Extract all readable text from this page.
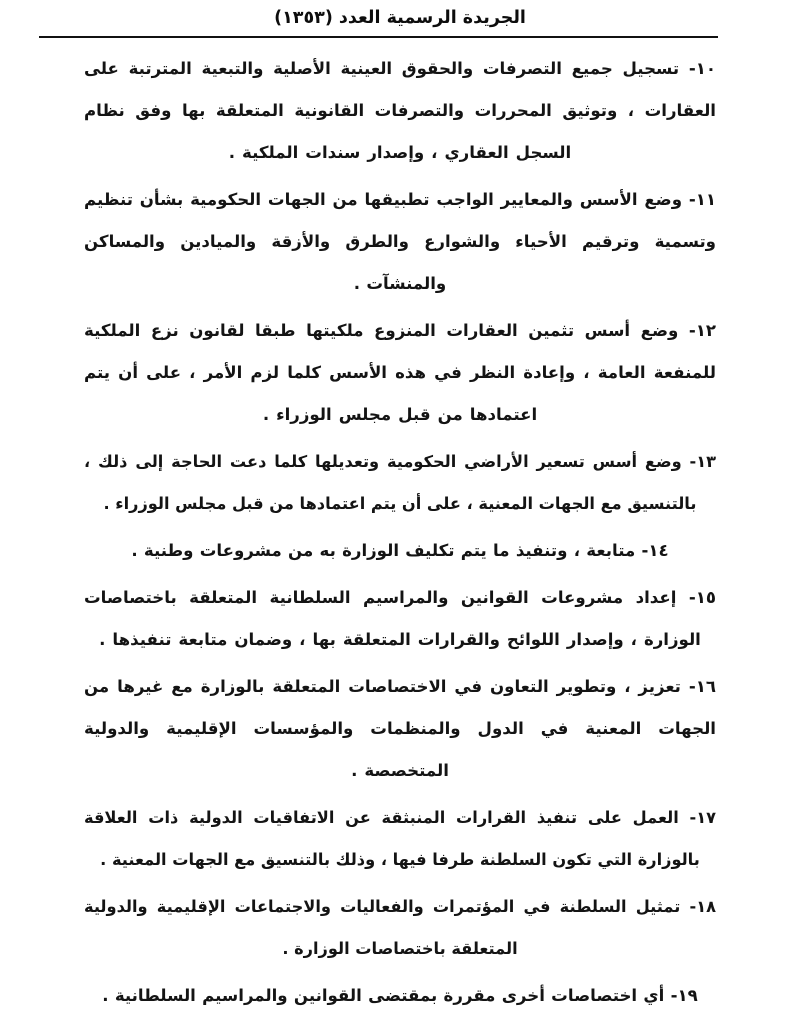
الجريدة الرسمية العدد (١٣٥٣)

١٠- تسجيل جميع التصرفات والحقوق العينية الأصلية والتبعية المترتبة على العقارات ، وتوثيق المحررات والتصرفات القانونية المتعلقة بها وفق نظام السجل العقاري ، وإصدار سندات الملكية .

١١- وضع الأسس والمعايير الواجب تطبيقها من الجهات الحكومية بشأن تنظيم وتسمية وترقيم الأحياء والشوارع والطرق والأزقة والميادين والمساكن والمنشآت .

١٢- وضع أسس تثمين العقارات المنزوع ملكيتها طبقا لقانون نزع الملكية للمنفعة العامة ، وإعادة النظر في هذه الأسس كلما لزم الأمر ، على أن يتم اعتمادها من قبل مجلس الوزراء .

١٣- وضع أسس تسعير الأراضي الحكومية وتعديلها كلما دعت الحاجة إلى ذلك ، بالتنسيق مع الجهات المعنية ، على أن يتم اعتمادها من قبل مجلس الوزراء .

١٤- متابعة ، وتنفيذ ما يتم تكليف الوزارة به من مشروعات وطنية .

١٥- إعداد مشروعات القوانين والمراسيم السلطانية المتعلقة باختصاصات الوزارة ، وإصدار اللوائح والقرارات المتعلقة بها ، وضمان متابعة تنفيذها .

١٦- تعزيز ، وتطوير التعاون في الاختصاصات المتعلقة بالوزارة مع غيرها من الجهات المعنية في الدول والمنظمات والمؤسسات الإقليمية والدولية المتخصصة .

١٧- العمل على تنفيذ القرارات المنبثقة عن الاتفاقيات الدولية ذات العلاقة بالوزارة التي تكون السلطنة طرفا فيها ، وذلك بالتنسيق مع الجهات المعنية .

١٨- تمثيل السلطنة في المؤتمرات والفعاليات والاجتماعات الإقليمية والدولية المتعلقة باختصاصات الوزارة .

١٩- أي اختصاصات أخرى مقررة بمقتضى القوانين والمراسيم السلطانية .
